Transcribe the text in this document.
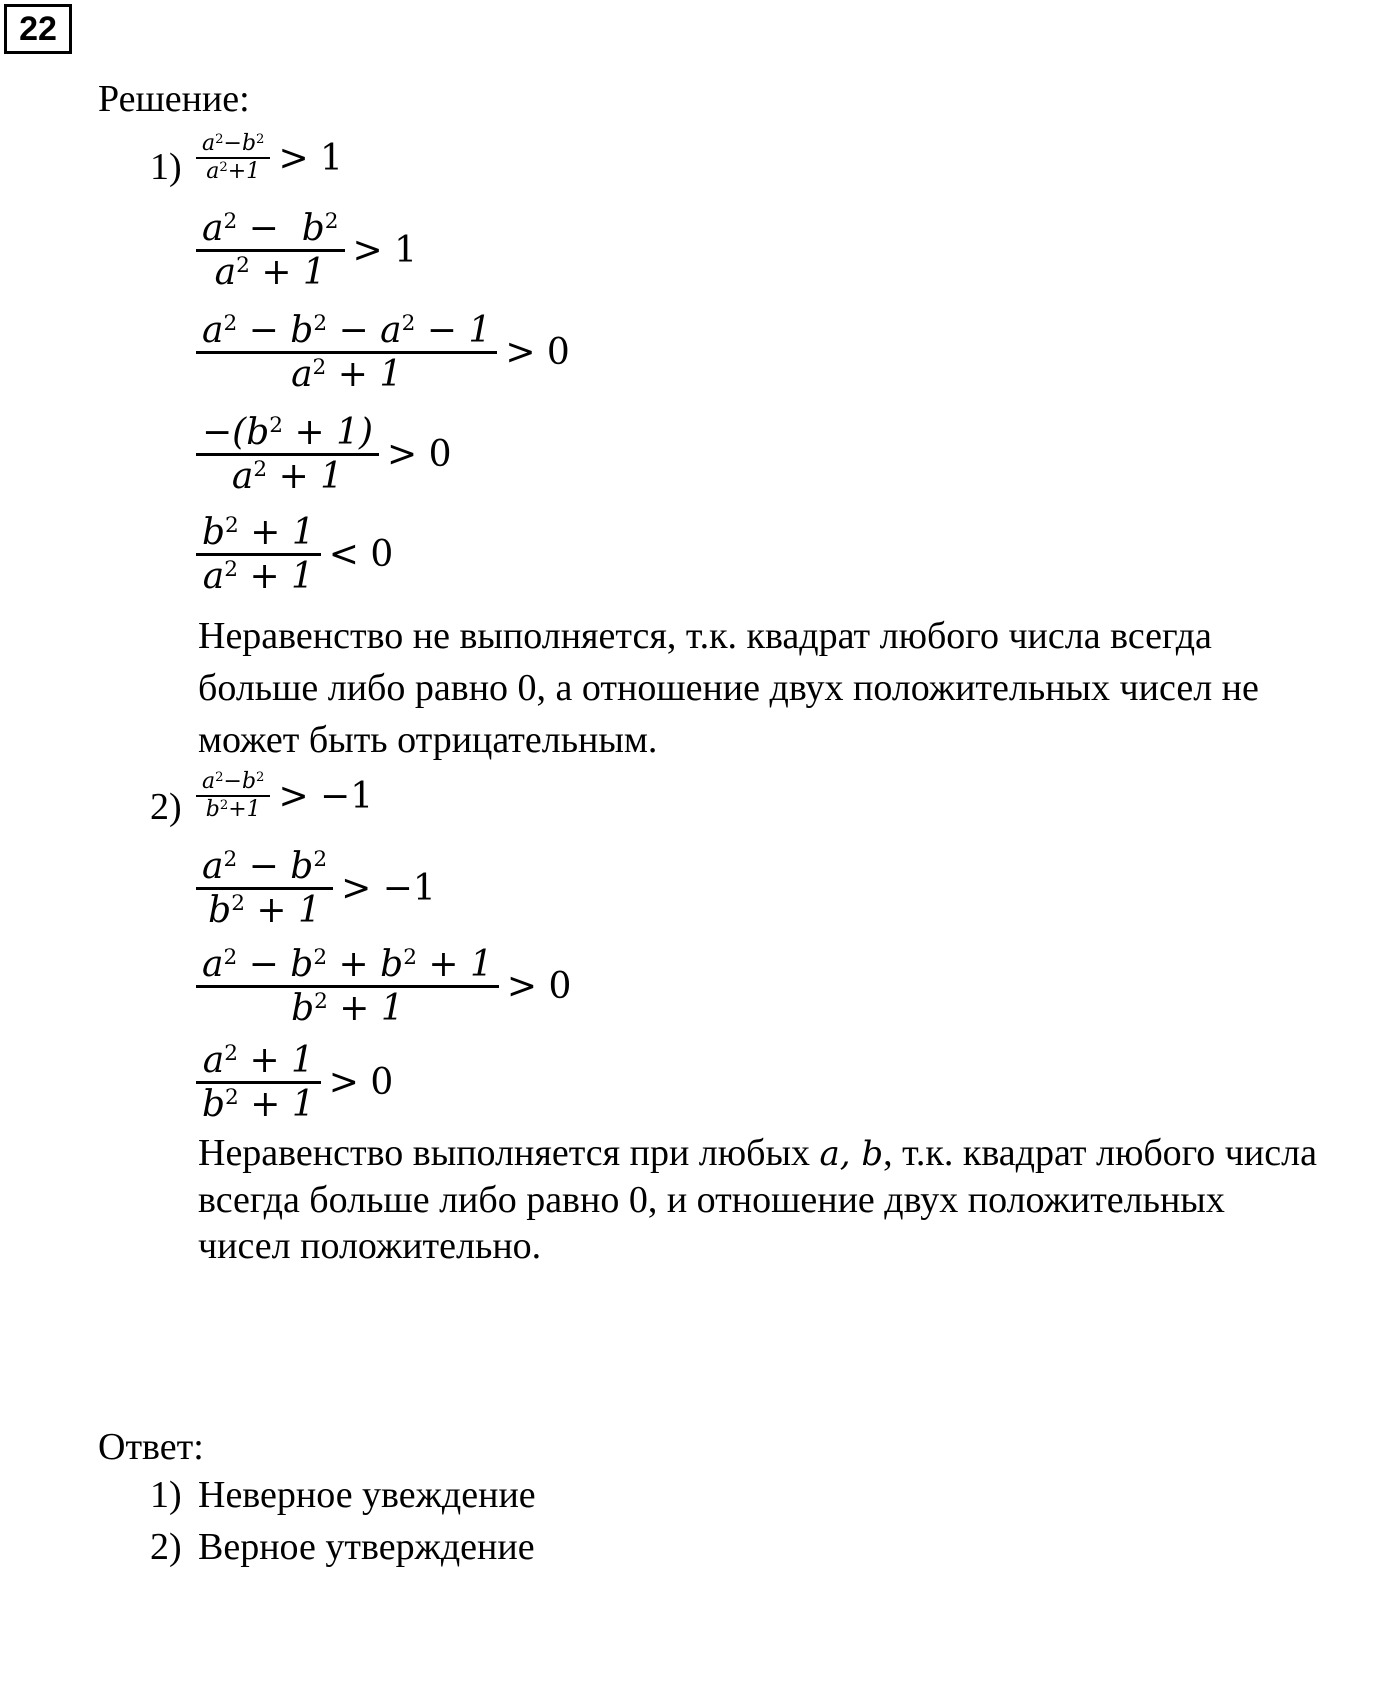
22
Решение:
$1) \frac{a^2-b^2}{a^2+1} > 1$
$\frac{a^2 - b^2}{a^2 + 1} > 1$
$\frac{a^2 - b^2 - a^2 - 1}{a^2 + 1} > 0$
$\frac{-(b^2 + 1)}{a^2 + 1} > 0$
$\frac{b^2 + 1}{a^2 + 1} < 0$

Неравенство не выполняется, т.к. квадрат любого числа всегда больше либо равно 0, а отношение двух положительных чисел не может быть отрицательным.

$2) \frac{a^2-b^2}{b^2+1} > -1$
$\frac{a^2 - b^2}{b^2 + 1} > -1$
$\frac{a^2 - b^2 + b^2 + 1}{b^2 + 1} > 0$
$\frac{a^2 + 1}{b^2 + 1} > 0$

Неравенство выполняется при любых a, b, т.к. квадрат любого числа всегда больше либо равно 0, и отношение двух положительных чисел положительно.

Ответ:
1) Неверное увеждение
2) Верное утверждение
